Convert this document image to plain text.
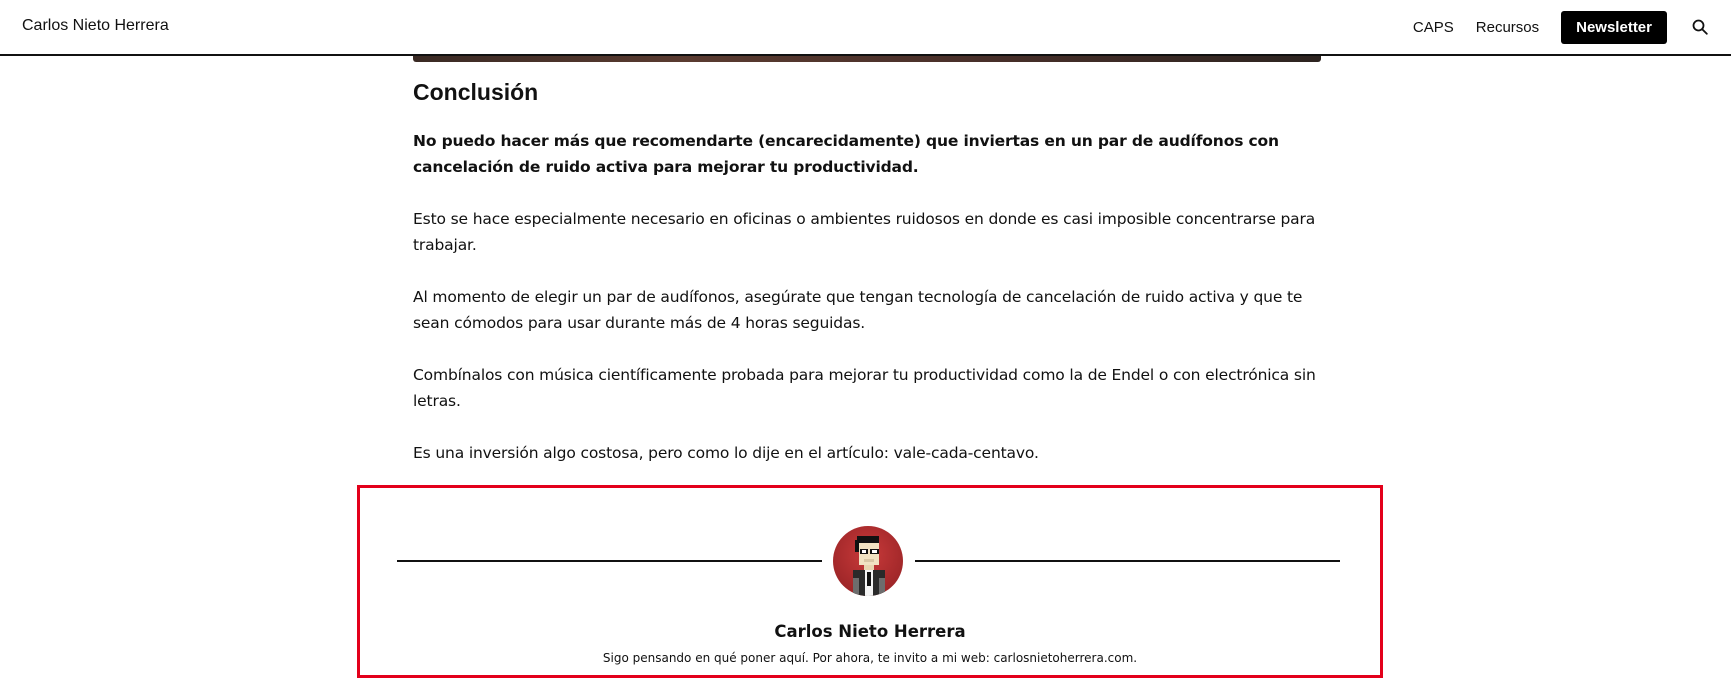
Carlos Nieto Herrera	CAPS Recursos	Newsletter
Conclusión

No puedo hacer más que recomendarte (encarecidamente) que inviertas en un par de audífonos con cancelación de ruido activa para mejorar tu productividad.

Esto se hace especialmente necesario en oficinas o ambientes ruidosos en donde es casi imposible concentrarse para trabajar.

Al momento de elegir un par de audífonos, asegúrate que tengan tecnología de cancelación de ruido activa y que te sean cómodos para usar durante más de 4 horas seguidas.

Combínalos con música científicamente probada para mejorar tu productividad como la de Endel o con electrónica sin letras.

Es una inversión algo costosa, pero como lo dije en el artículo: vale-cada-centavo.

Carlos Nieto Herrera
Sigo pensando en qué poner aquí. Por ahora, te invito a mi web: carlosnietoherrera.com.
